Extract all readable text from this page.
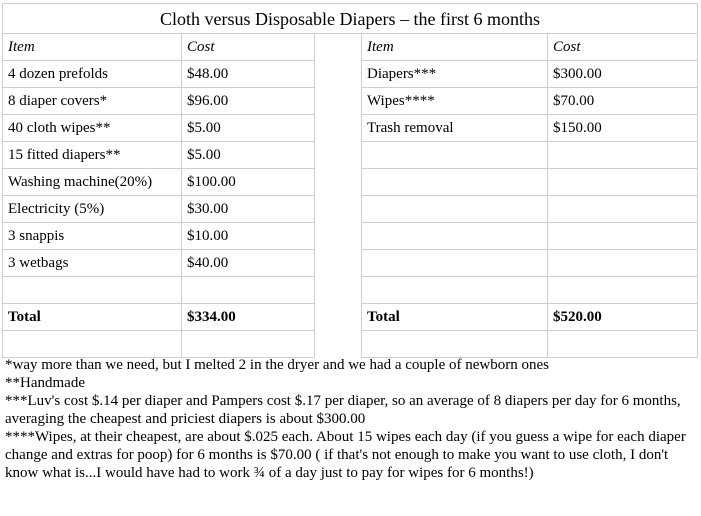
Cloth versus Disposable Diapers – the first 6 months				
Item	Cost		Item	Cost
4 dozen prefolds	$48.00		Diapers***	$300.00
8 diaper covers*	$96.00		Wipes****	$70.00
40 cloth wipes**	$5.00		Trash removal	$150.00
15 fitted diapers**	$5.00			
Washing machine(20%)	$100.00			
Electricity (5%)	$30.00			
3 snappis	$10.00			
3 wetbags	$40.00			

Total	$334.00		Total	$520.00

*way more than we need, but I melted 2 in the dryer and we had a couple of newborn ones

**Handmade

***Luv's cost $.14 per diaper and Pampers cost $.17 per diaper, so an average of 8 diapers per day for 6 months, averaging the cheapest and priciest diapers is about $300.00

****Wipes, at their cheapest, are about $.025 each. About 15 wipes each day (if you guess a wipe for each diaper change and extras for poop) for 6 months is $70.00 ( if that's not enough to make you want to use cloth, I don't know what is...I would have had to work ¾ of a day just to pay for wipes for 6 months!)
